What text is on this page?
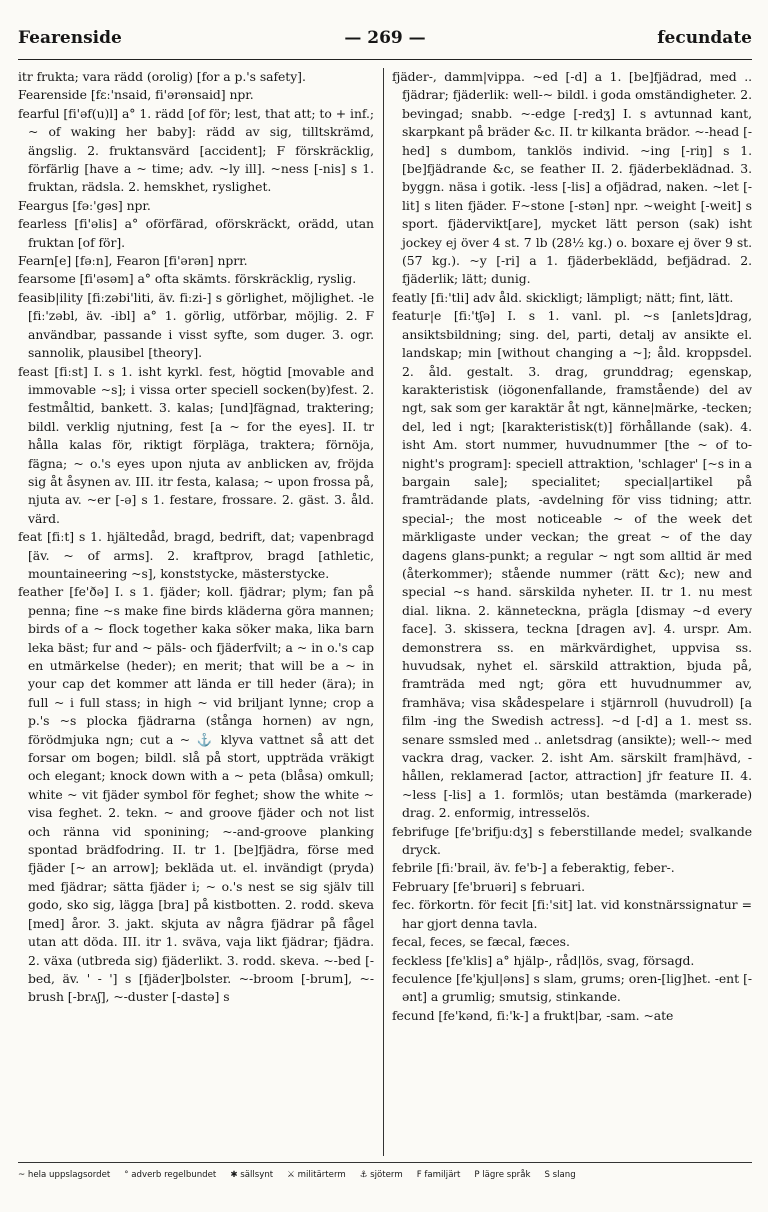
Fearenside	— 269 —	fecundate

itr frukta; vara rädd (orolig) [for a p.'s safety].

Fearenside [fɛː'nsaid, fi'ərənsaid] npr.

fearful [fi'əf(u)l] a° 1. rädd [of för; lest, that att; to + inf.; ~ of waking her baby]: rädd av sig, tilltskrämd, ängslig. 2. fruktansvärd [accident]; F förskräcklig, förfärlig [have a ~ time; adv. ~ly ill]. ~ness [-nis] s 1. fruktan, rädsla. 2. hemskhet, ryslighet.

Feargus [fəː'gəs] npr.

fearless [fi'əlis] a° oförfärad, oförskräckt, orädd, utan fruktan [of för].

Fearn[e] [fəːn], Fearon [fi'ərən] nprr.

fearsome [fi'əsəm] a° ofta skämts. förskräcklig, ryslig.

feasib|ility [fiːzəbi'liti, äv. fiːzi-] s görlighet, möjlighet. -le [fiː'zəbl, äv. -ibl] a° 1. görlig, utförbar, möjlig. 2. F användbar, passande i visst syfte, som duger. 3. ogr. sannolik, plausibel [theory].

feast [fiːst] I. s 1. isht kyrkl. fest, högtid [movable and immovable ~s]; i vissa orter speciell socken(by)fest. 2. festmåltid, bankett. 3. kalas; [und]fägnad, traktering; bildl. verklig njutning, fest [a ~ for the eyes]. II. tr hålla kalas för, riktigt förpläga, traktera; förnöja, fägna; ~ o.'s eyes upon njuta av anblicken av, fröjda sig åt åsynen av. III. itr festa, kalasa; ~ upon frossa på, njuta av. ~er [-ə] s 1. festare, frossare. 2. gäst. 3. åld. värd.

feat [fiːt] s 1. hjältedåd, bragd, bedrift, dat; vapenbragd [äv. ~ of arms]. 2. kraftprov, bragd [athletic, mountaineering ~s], konststycke, mästerstycke.

feather [fe'ðə] I. s 1. fjäder; koll. fjädrar; plym; fan på penna; fine ~s make fine birds kläderna göra mannen; birds of a ~ flock together kaka söker maka, lika barn leka bäst; fur and ~ päls- och fjäderfvilt; a ~ in o.'s cap en utmärkelse (heder); en merit; that will be a ~ in your cap det kommer att lända er till heder (ära); in full ~ i full stass; in high ~ vid briljant lynne; crop a p.'s ~s plocka fjädrarna (stånga hornen) av ngn, förödmjuka ngn; cut a ~ ⚓ klyva vattnet så att det forsar om bogen; bildl. slå på stort, uppträda vräkigt och elegant; knock down with a ~ peta (blåsa) omkull; white ~ vit fjäder symbol för feghet; show the white ~ visa feghet. 2. tekn. ~ and groove fjäder och not list och ränna vid sponining; ~-and-groove planking spontad brädfodring. II. tr 1. [be]fjädra, förse med fjäder [~ an arrow]; bekläda ut. el. invändigt (pryda) med fjädrar; sätta fjäder i; ~ o.'s nest se sig själv till godo, sko sig, lägga [bra] på kistbotten. 2. rodd. skeva [med] åror. 3. jakt. skjuta av några fjädrar på fågel utan att döda. III. itr 1. sväva, vaja likt fjädrar; fjädra. 2. växa (utbreda sig) fjäderlikt. 3. rodd. skeva. ~-bed [-bed, äv. ' - '] s [fjäder]bolster. ~-broom [-brum], ~-brush [-brʌʃ], ~-duster [-dastə] s

fjäder-, damm|vippa. ~ed [-d] a 1. [be]fjädrad, med .. fjädrar; fjäderlik: well-~ bildl. i goda omständigheter. 2. bevingad; snabb. ~-edge [-redʒ] I. s avtunnad kant, skarpkant på bräder &c. II. tr kilkanta brädor. ~-head [-hed] s dumbom, tanklös individ. ~ing [-riŋ] s 1. [be]fjädrande &c, se feather II. 2. fjäderbeklädnad. 3. byggn. näsa i gotik. -less [-lis] a ofjädrad, naken. ~let [-lit] s liten fjäder. F~stone [-stən] npr. ~weight [-weit] s sport. fjädervikt[are], mycket lätt person (sak) isht jockey ej över 4 st. 7 lb (28½ kg.) o. boxare ej över 9 st. (57 kg.). ~y [-ri] a 1. fjäderbeklädd, befjädrad. 2. fjäderlik; lätt; dunig.

featly [fiː'tli] adv åld. skickligt; lämpligt; nätt; fint, lätt.

featur|e [fiː'tʃə] I. s 1. vanl. pl. ~s [anlets]drag, ansiktsbildning; sing. del, parti, detalj av ansikte el. landskap; min [without changing a ~]; åld. kroppsdel. 2. åld. gestalt. 3. drag, grunddrag; egenskap, karakteristisk (iögonenfallande, framstående) del av ngt, sak som ger karaktär åt ngt, känne|märke, -tecken; del, led i ngt; [karakteristisk(t)] förhållande (sak). 4. isht Am. stort nummer, huvudnummer [the ~ of to-night's program]: speciell attraktion, 'schlager' [~s in a bargain sale]; specialitet; special|artikel på framträdande plats, -avdelning för viss tidning; attr. special-; the most noticeable ~ of the week det märkligaste under veckan; the great ~ of the day dagens glans-punkt; a regular ~ ngt som alltid är med (återkommer); stående nummer (rätt &c); new and special ~s hand. särskilda nyheter. II. tr 1. nu mest dial. likna. 2. känneteckna, prägla [dismay ~d every face]. 3. skissera, teckna [dragen av]. 4. urspr. Am. demonstrera ss. en märkvärdighet, uppvisa ss. huvudsak, nyhet el. särskild attraktion, bjuda på, framträda med ngt; göra ett huvudnummer av, framhäva; visa skådespelare i stjärnroll (huvudroll) [a film -ing the Swedish actress]. ~d [-d] a 1. mest ss. senare ssmsled med .. anletsdrag (ansikte); well-~ med vackra drag, vacker. 2. isht Am. särskilt fram|hävd, -hållen, reklamerad [actor, attraction] jfr feature II. 4. ~less [-lis] a 1. formlös; utan bestämda (markerade) drag. 2. enformig, intresselös.

febrifuge [fe'brifjuːdʒ] s feberstillande medel; svalkande dryck.

febrile [fiː'brail, äv. fe'b-] a feberaktig, feber-.

February [fe'bruəri] s februari.

fec. förkortn. för fecit [fiː'sit] lat. vid konstnärssignatur = har gjort denna tavla.

fecal, feces, se fæcal, fæces.

feckless [fe'klis] a° hjälp-, råd|lös, svag, försagd.

feculence [fe'kjul|əns] s slam, grums; oren-[lig]het. -ent [-ənt] a grumlig; smutsig, stinkande.

fecund [fe'kənd, fiː'k-] a frukt|bar, -sam. ~ate

~ hela uppslagsordet ° adverb regelbundet ✱ sällsynt ⚔ militärterm ⚓ sjöterm F familjärt P lägre språk S slang
